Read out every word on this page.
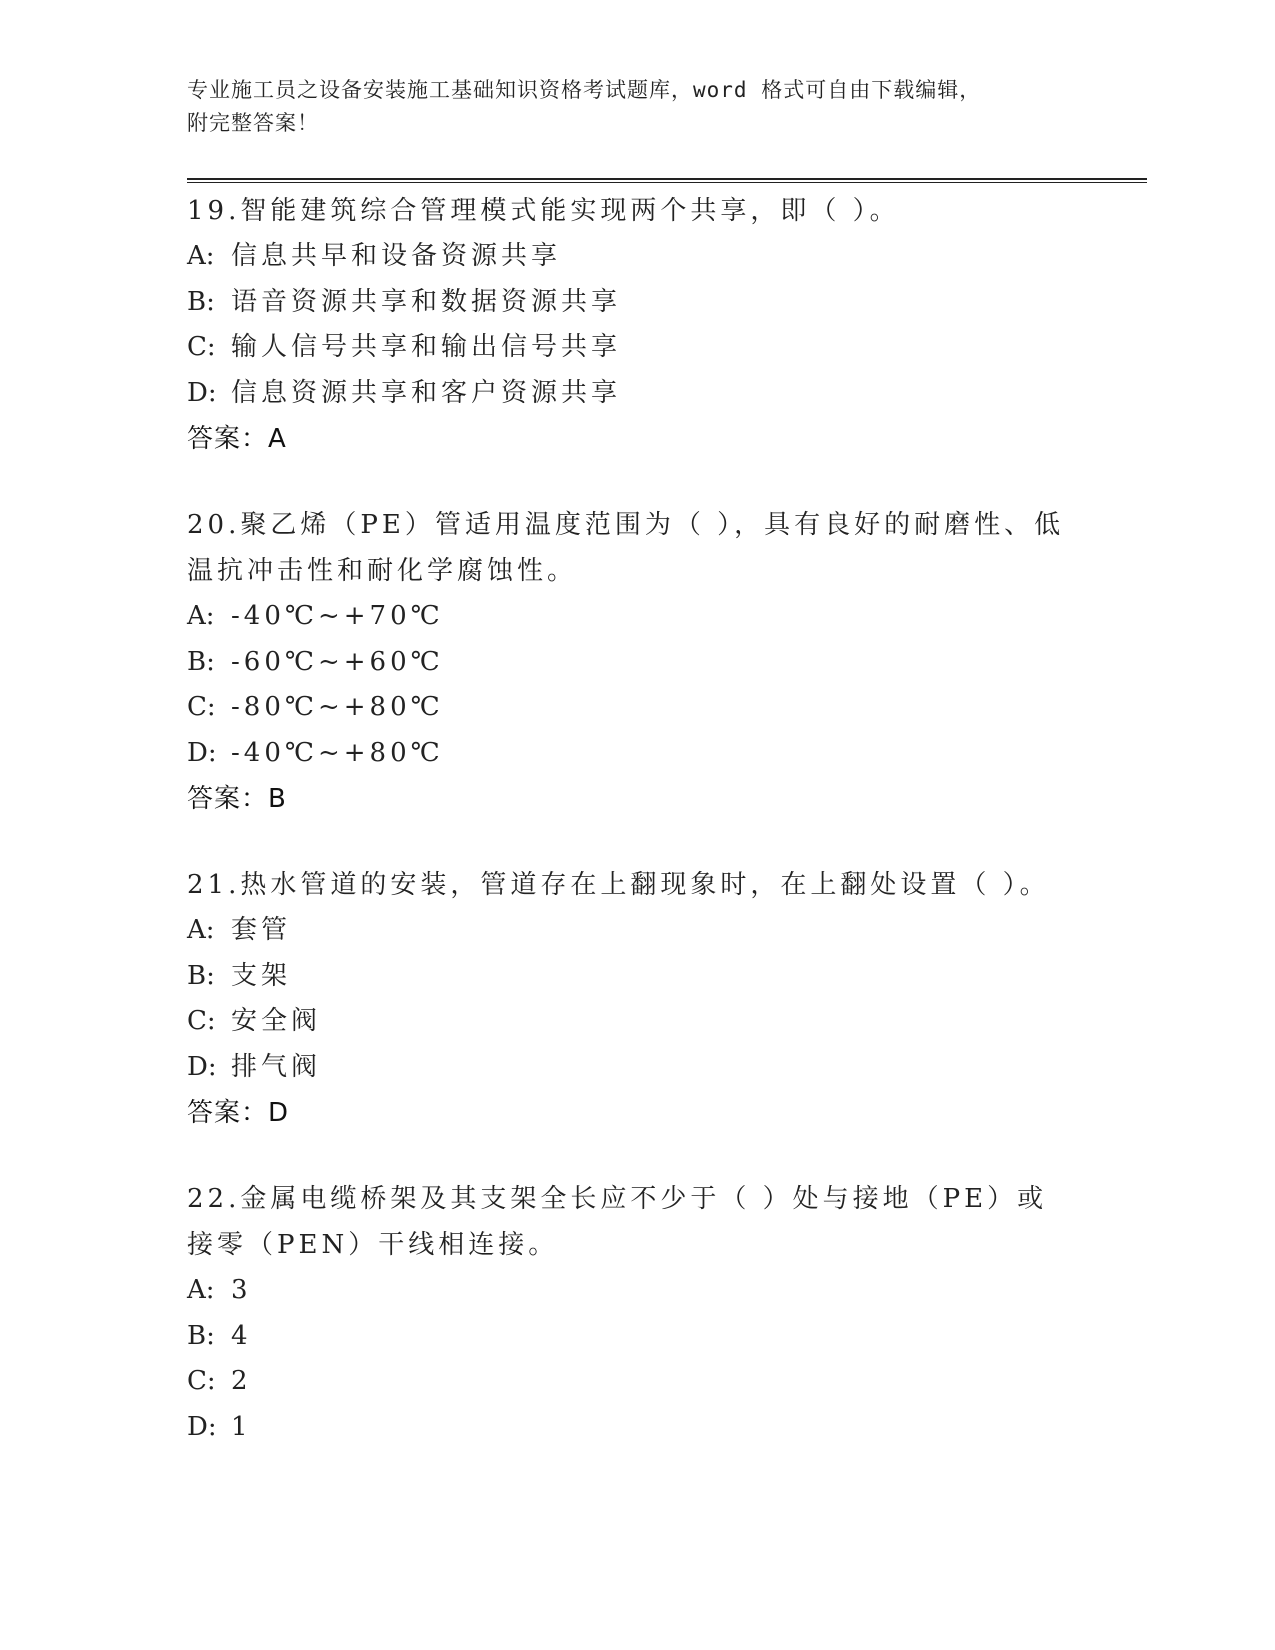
专业施工员之设备安装施工基础知识资格考试题库，word 格式可自由下载编辑，
附完整答案！
19.智能建筑综合管理模式能实现两个共享，即（ ）。
A: 信息共早和设备资源共享
B: 语音资源共享和数据资源共享
C: 输人信号共享和输出信号共享
D: 信息资源共享和客户资源共享
答案：A
20.聚乙烯（PE）管适用温度范围为（ ），具有良好的耐磨性、低温抗冲击性和耐化学腐蚀性。
A: -40℃~+70℃
B: -60℃~+60℃
C: -80℃~+80℃
D: -40℃~+80℃
答案：B
21.热水管道的安装，管道存在上翻现象时，在上翻处设置（ ）。
A: 套管
B: 支架
C: 安全阀
D: 排气阀
答案：D
22.金属电缆桥架及其支架全长应不少于（ ）处与接地（PE）或接零（PEN）干线相连接。
A: 3
B: 4
C: 2
D: 1
